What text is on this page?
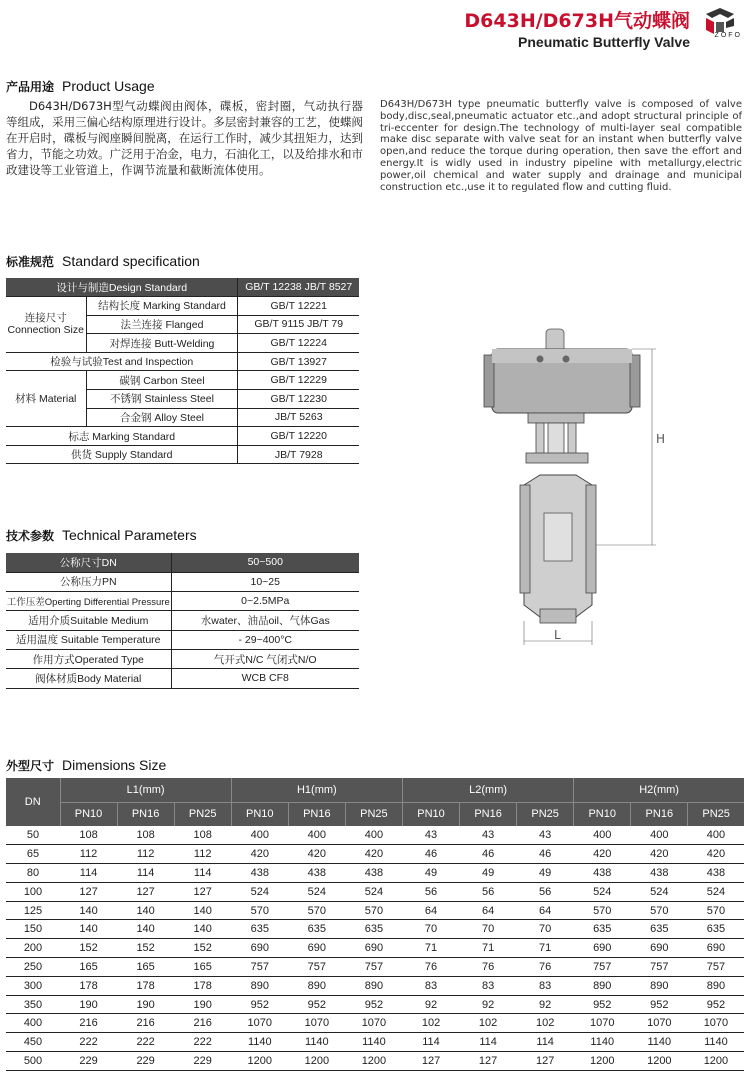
D643H/D673H气动蝶阀
Pneumatic Butterfly Valve	ZOFO
产品用途 Product Usage
D643H/D673H型气动蝶阀由阀体，碟板，密封圈，气动执行器等组成，采用三偏心结构原理进行设计。多层密封兼容的工艺，使蝶阀在开启时，碟板与阀座瞬间脱离，在运行工作时，减少其扭矩力，达到省力，节能之功效。广泛用于冶金，电力，石油化工，以及给排水和市政建设等工业管道上，作调节流量和截断流体使用。
D643H/D673H type pneumatic butterfly valve is composed of valve body,disc,seal,pneumatic actuator etc.,and adopt structural principle of tri-eccenter for design.The technology of multi-layer seal compatible make disc separate with valve seat for an instant when butterfly valve open,and reduce the torque during operation, then save the effort and energy.It is widly used in industry pipeline with metallurgy,electric power,oil chemical and water supply and drainage and municipal construction etc.,use it to regulated flow and cutting fluid.
标准规范 Standard specification
设计与制造Design Standard		GB/T 12238 JB/T 8527
连接尺寸 Connection Size	结构长度 Marking Standard	GB/T 12221
	法兰连接 Flanged	GB/T 9115 JB/T 79
	对焊连接 Butt-Welding	GB/T 12224
检验与试验Test and Inspection		GB/T 13927
材料 Material	碳钢 Carbon Steel	GB/T 12229
	不锈钢 Stainless Steel	GB/T 12230
	合金钢 Alloy Steel	JB/T 5263
标志 Marking Standard		GB/T 12220
供货 Supply Standard		JB/T 7928
H
L
技术参数 Technical Parameters
公称尺寸DN	50~500
公称压力PN	10~25
工作压差Operting Differential Pressure	0~2.5MPa
适用介质Suitable Medium	水water、油品oil、气体Gas
适用温度 Suitable Temperature	- 29~400°C
作用方式Operated Type	气开式N/C 气闭式N/O
阀体材质Body Material	WCB CF8
外型尺寸 Dimensions Size
DN	L1(mm)			H1(mm)			L2(mm)			H2(mm)		
	PN10	PN16	PN25	PN10	PN16	PN25	PN10	PN16	PN25	PN10	PN16	PN25
50	108	108	108	400	400	400	43	43	43	400	400	400
65	112	112	112	420	420	420	46	46	46	420	420	420
80	114	114	114	438	438	438	49	49	49	438	438	438
100	127	127	127	524	524	524	56	56	56	524	524	524
125	140	140	140	570	570	570	64	64	64	570	570	570
150	140	140	140	635	635	635	70	70	70	635	635	635
200	152	152	152	690	690	690	71	71	71	690	690	690
250	165	165	165	757	757	757	76	76	76	757	757	757
300	178	178	178	890	890	890	83	83	83	890	890	890
350	190	190	190	952	952	952	92	92	92	952	952	952
400	216	216	216	1070	1070	1070	102	102	102	1070	1070	1070
450	222	222	222	1140	1140	1140	114	114	114	1140	1140	1140
500	229	229	229	1200	1200	1200	127	127	127	1200	1200	1200
